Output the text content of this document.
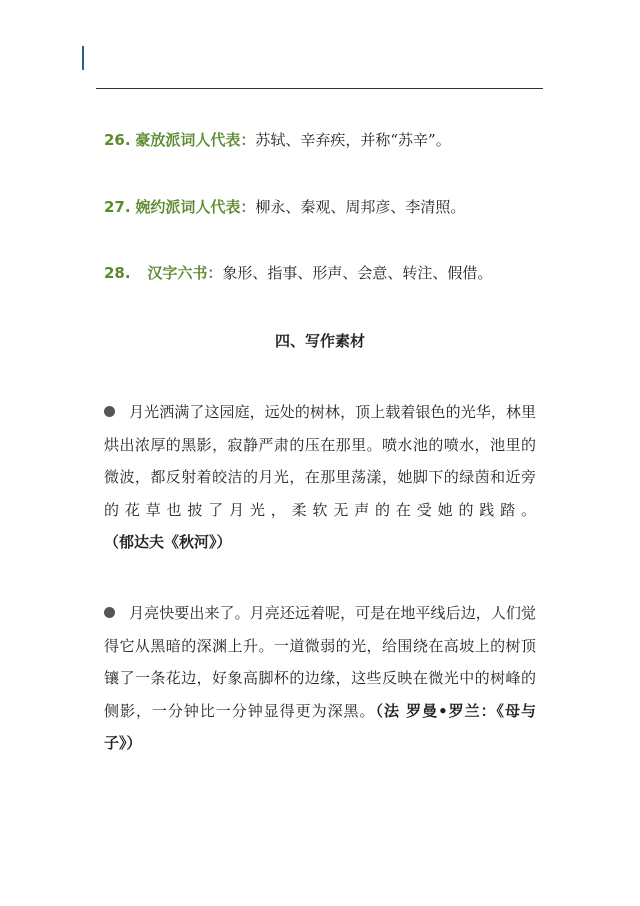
26. 豪放派词人代表：苏轼、辛弃疾，并称“苏辛”。
27. 婉约派词人代表：柳永、秦观、周邦彦、李清照。
28. 汉字六书：象形、指事、形声、会意、转注、假借。
四、写作素材
月光洒满了这园庭，远处的树林，顶上载着银色的光华，林里烘出浓厚的黑影，寂静严肃的压在那里。喷水池的喷水，池里的微波，都反射着皎洁的月光，在那里荡漾，她脚下的绿茵和近旁的花草也披了月光，柔软无声的在受她的践踏。（郁达夫《秋河》）
月亮快要出来了。月亮还远着呢，可是在地平线后边，人们觉得它从黑暗的深渊上升。一道微弱的光，给围绕在高坡上的树顶镶了一条花边，好象高脚杯的边缘，这些反映在微光中的树峰的侧影，一分钟比一分钟显得更为深黑。（法 罗曼•罗兰：《母与子》）
